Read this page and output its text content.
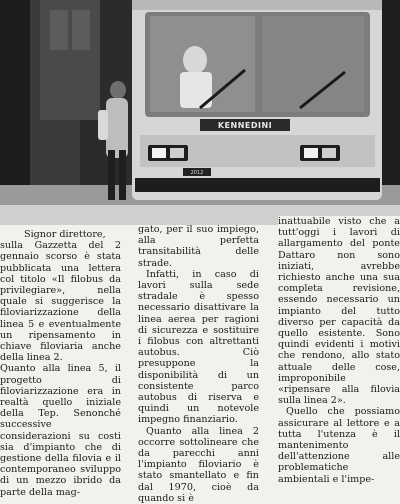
KENNEDINI
2012

Signor direttore,

sulla Gazzetta del 2 gennaio scorso è stata pubblicata una lettera col titolo «Il filobus da privilegiare», nella quale si suggerisce la filoviarizzazione della linea 5 e eventualmente un ripensamento in chiave filoviaria anche della linea 2.

Quanto alla linea 5, il progetto di filoviarizzazione era in realtà quello iniziale della Tep. Senonché successive considerazioni su costi sia d'impianto che di gestione della filovia e il contemporaneo sviluppo di un mezzo ibrido da parte della mag-

gato, per il suo impiego, alla perfetta transitabilità delle strade.

Infatti, in caso di lavori sulla sede stradale è spesso necessario disattivare la linea aerea per ragioni di sicurezza e sostituire i filobus con altrettanti autobus. Ciò presuppone la disponibilità di un consistente parco autobus di riserva e quindi un notevole impegno finanziario.

Quanto alla linea 2 occorre sottolineare che da parecchi anni l'impianto filoviario è stato smantellato e fin dal 1970, cioè da quando si è

inattuabile visto che a tutt'oggi i lavori di allargamento del ponte Dattaro non sono iniziati, avrebbe richiesto anche una sua completa revisione, essendo necessario un impianto del tutto diverso per capacità da quello esistente. Sono quindi evidenti i motivi che rendono, allo stato attuale delle cose, improponibile «ripensare alla filovia sulla linea 2».

Quello che possiamo assicurare al lettore e a tutta l'utenza è il mantenimento dell'attenzione alle problematiche ambientali e l'impe-
